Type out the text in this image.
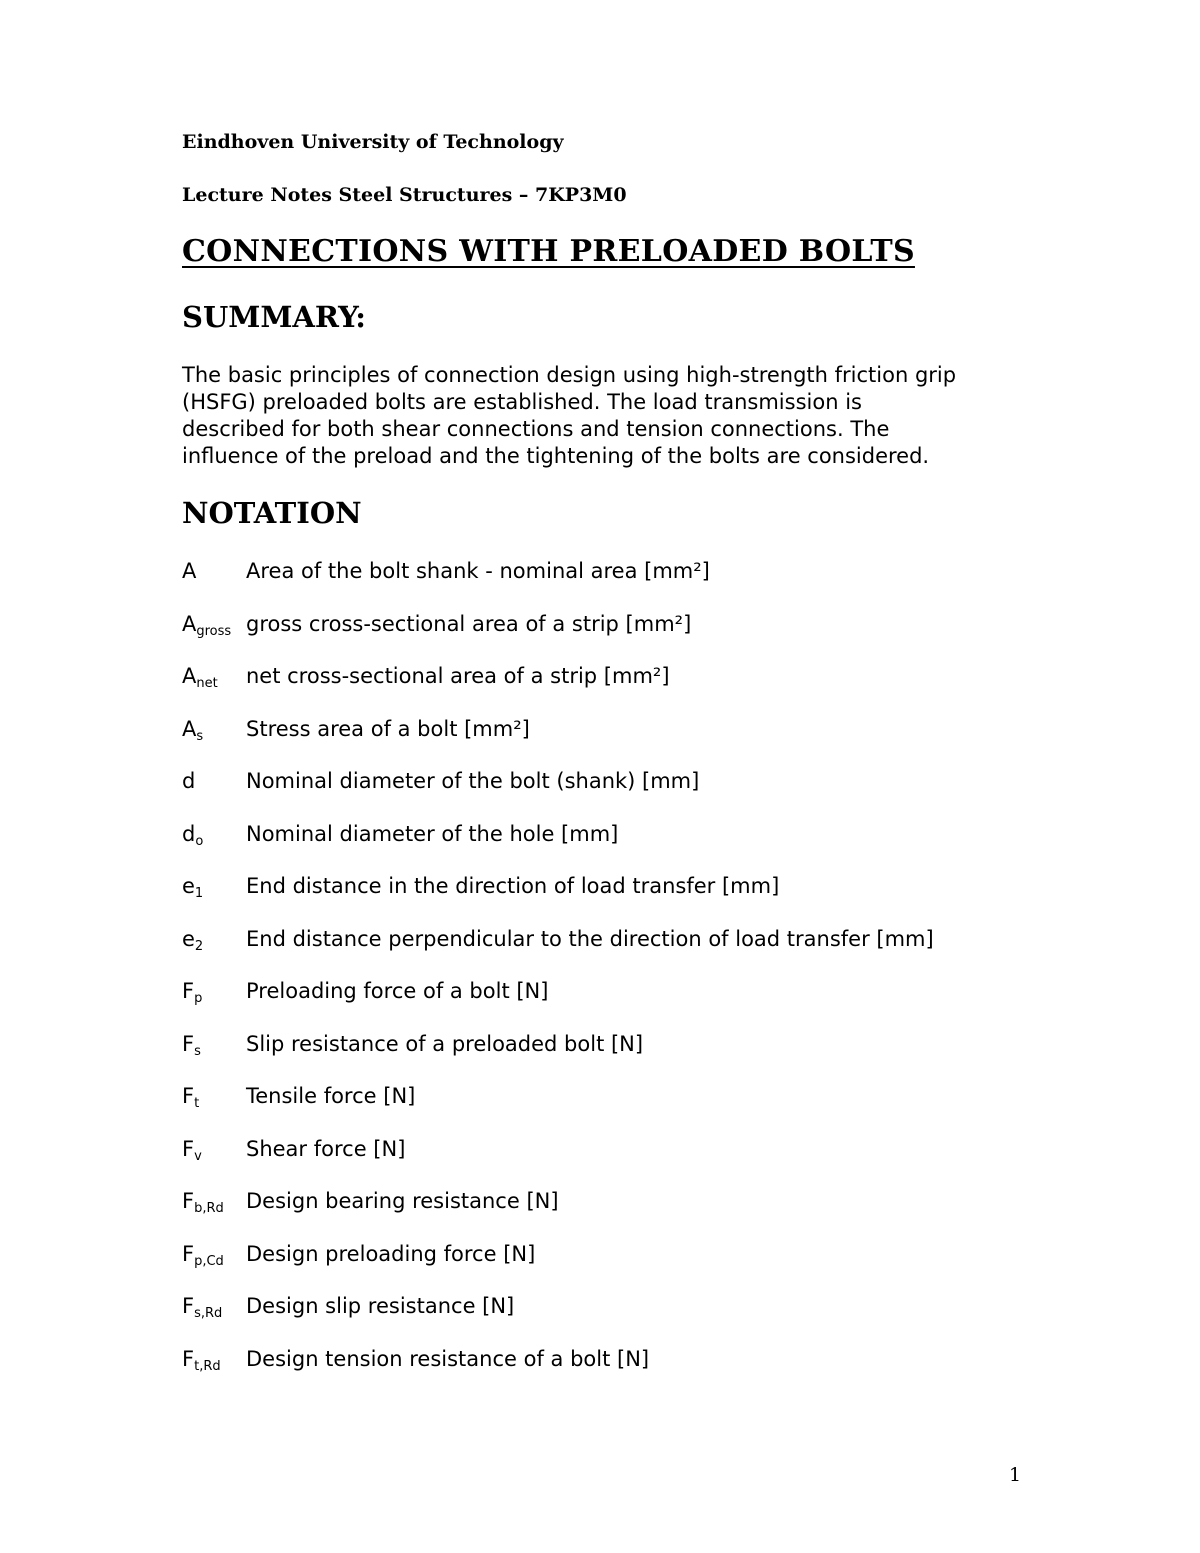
Eindhoven University of Technology
Lecture Notes Steel Structures – 7KP3M0
CONNECTIONS WITH PRELOADED BOLTS
SUMMARY:
The basic principles of connection design using high-strength friction grip
(HSFG) preloaded bolts are established. The load transmission is
described for both shear connections and tension connections. The
influence of the preload and the tightening of the bolts are considered.
NOTATION
A	Area of the bolt shank - nominal area [mm²]
$A_{gross}$ gross cross-sectional area of a strip [mm²]
$A_{net}$	net cross-sectional area of a strip [mm²]
$A_s$	Stress area of a bolt [mm²]
d	Nominal diameter of the bolt (shank) [mm]
$d_o$	Nominal diameter of the hole [mm]
$e_1$	End distance in the direction of load transfer [mm]
$e_2$	End distance perpendicular to the direction of load transfer [mm]
$F_p$	Preloading force of a bolt [N]
$F_s$	Slip resistance of a preloaded bolt [N]
$F_t$	Tensile force [N]
$F_v$	Shear force [N]
$F_{b,Rd}$	Design bearing resistance [N]
$F_{p,Cd}$	Design preloading force [N]
$F_{s,Rd}$	Design slip resistance [N]
$F_{t,Rd}$	Design tension resistance of a bolt [N]
1
